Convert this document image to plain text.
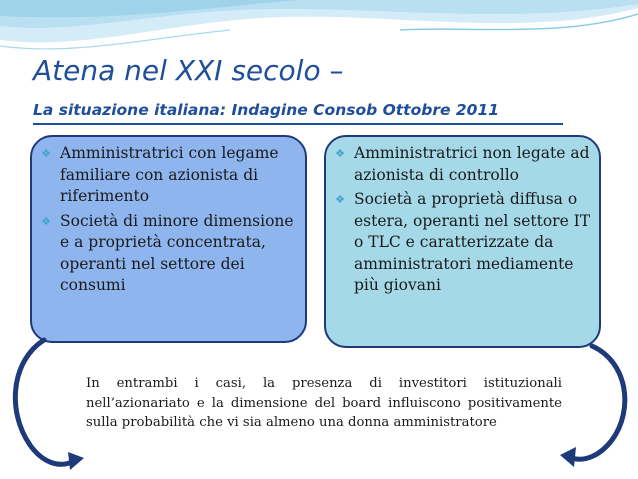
Atena nel XXI secolo –
La situazione italiana: Indagine Consob Ottobre 2011
❖ Amministratrici con legame familiare con azionista di riferimento
❖ Società di minore dimensione e a proprietà concentrata, operanti nel settore dei consumi
❖ Amministratrici non legate ad azionista di controllo
❖ Società a proprietà diffusa o estera, operanti nel settore IT o TLC e caratterizzate da amministratori mediamente più giovani

In entrambi i casi, la presenza di investitori istituzionali nell’azionariato e la dimensione del board influiscono positivamente sulla probabilità che vi sia almeno una donna amministratore
